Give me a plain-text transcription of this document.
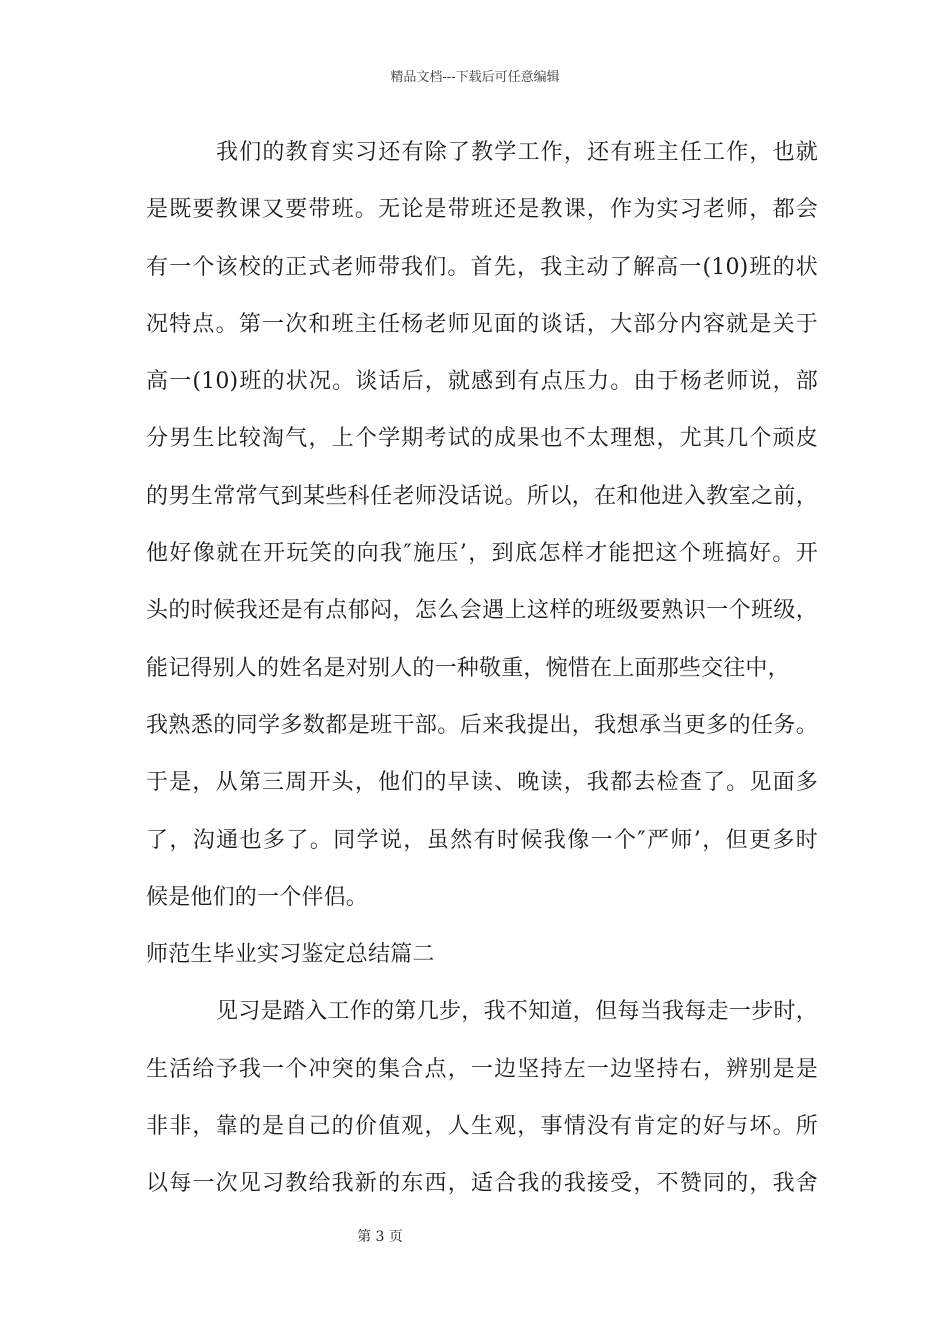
精品文档---下载后可任意编辑
我们的教育实习还有除了教学工作，还有班主任工作，也就
是既要教课又要带班。无论是带班还是教课，作为实习老师，都会
有一个该校的正式老师带我们。首先，我主动了解高一(10)班的状
况特点。第一次和班主任杨老师见面的谈话，大部分内容就是关于
高一(10)班的状况。谈话后，就感到有点压力。由于杨老师说，部
分男生比较淘气，上个学期考试的成果也不太理想，尤其几个顽皮
的男生常常气到某些科任老师没话说。所以，在和他进入教室之前，
他好像就在开玩笑的向我″施压’，到底怎样才能把这个班搞好。开
头的时候我还是有点郁闷，怎么会遇上这样的班级要熟识一个班级，
能记得别人的姓名是对别人的一种敬重，惋惜在上面那些交往中，
我熟悉的同学多数都是班干部。后来我提出，我想承当更多的任务。
于是，从第三周开头，他们的早读、晚读，我都去检查了。见面多
了，沟通也多了。同学说，虽然有时候我像一个″严师’，但更多时
候是他们的一个伴侣。
师范生毕业实习鉴定总结篇二
见习是踏入工作的第几步，我不知道，但每当我每走一步时，
生活给予我一个冲突的集合点，一边坚持左一边坚持右，辨别是是
非非，靠的是自己的价值观，人生观，事情没有肯定的好与坏。所
以每一次见习教给我新的东西，适合我的我接受，不赞同的，我舍
第 3 页
